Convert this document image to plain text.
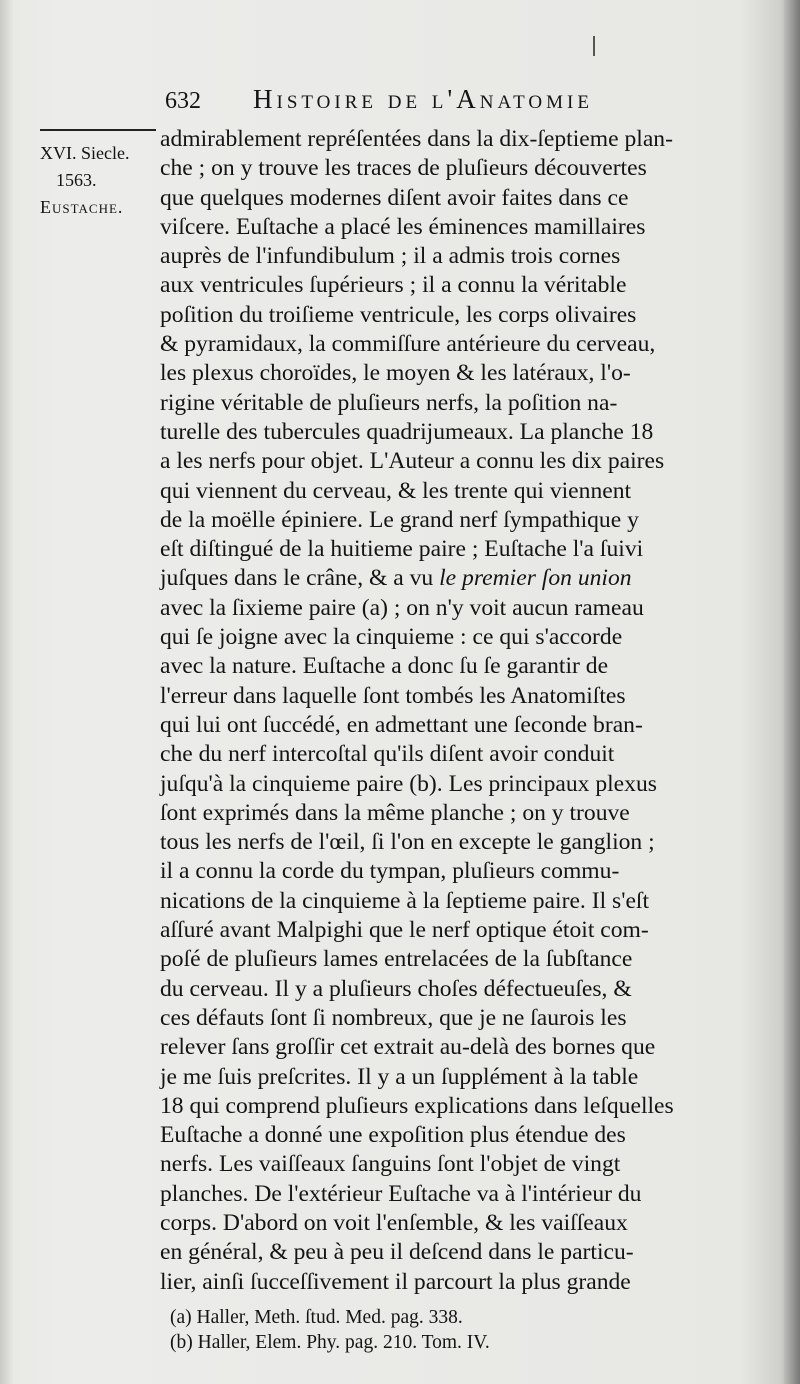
632 Histoire de l'Anatomie
XVI. Siecle.
1563.
Eustache.
admirablement repréſentées dans la dix-ſeptieme plan-
che ; on y trouve les traces de pluſieurs découvertes
que quelques modernes diſent avoir faites dans ce
viſcere. Euſtache a placé les éminences mamillaires
auprès de l'infundibulum ; il a admis trois cornes
aux ventricules ſupérieurs ; il a connu la véritable
poſition du troiſieme ventricule, les corps olivaires
& pyramidaux, la commiſſure antérieure du cerveau,
les plexus choroïdes, le moyen & les latéraux, l'o-
rigine véritable de pluſieurs nerfs, la poſition na-
turelle des tubercules quadrijumeaux. La planche 18
a les nerfs pour objet. L'Auteur a connu les dix paires
qui viennent du cerveau, & les trente qui viennent
de la moëlle épiniere. Le grand nerf ſympathique y
eſt diſtingué de la huitieme paire ; Euſtache l'a ſuivi
juſques dans le crâne, & a vu le premier ſon union
avec la ſixieme paire (a) ; on n'y voit aucun rameau
qui ſe joigne avec la cinquieme : ce qui s'accorde
avec la nature. Euſtache a donc ſu ſe garantir de
l'erreur dans laquelle ſont tombés les Anatomiſtes
qui lui ont ſuccédé, en admettant une ſeconde bran-
che du nerf intercoſtal qu'ils diſent avoir conduit
juſqu'à la cinquieme paire (b). Les principaux plexus
ſont exprimés dans la même planche ; on y trouve
tous les nerfs de l'œil, ſi l'on en excepte le ganglion ;
il a connu la corde du tympan, pluſieurs commu-
nications de la cinquieme à la ſeptieme paire. Il s'eſt
aſſuré avant Malpighi que le nerf optique étoit com-
poſé de pluſieurs lames entrelacées de la ſubſtance
du cerveau. Il y a pluſieurs choſes défectueuſes, &
ces défauts ſont ſi nombreux, que je ne ſaurois les
relever ſans groſſir cet extrait au-delà des bornes que
je me ſuis preſcrites. Il y a un ſupplément à la table
18 qui comprend pluſieurs explications dans leſquelles
Euſtache a donné une expoſition plus étendue des
nerfs. Les vaiſſeaux ſanguins ſont l'objet de vingt
planches. De l'extérieur Euſtache va à l'intérieur du
corps. D'abord on voit l'enſemble, & les vaiſſeaux
en général, & peu à peu il deſcend dans le particu-
lier, ainſi ſucceſſivement il parcourt la plus grande
(a) Haller, Meth. ſtud. Med. pag. 338.
(b) Haller, Elem. Phy. pag. 210. Tom. IV.
